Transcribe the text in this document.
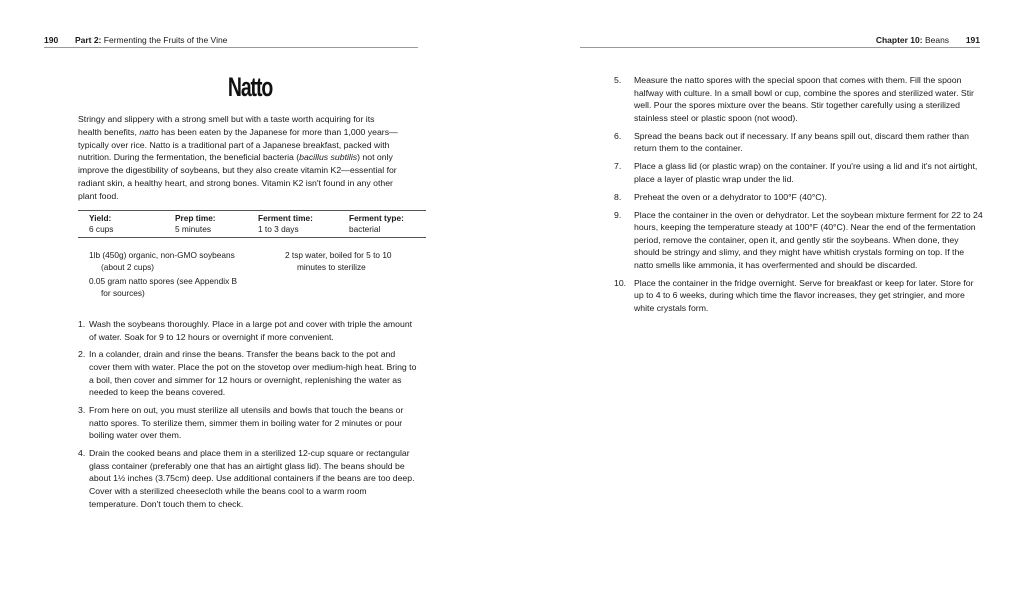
190 Part 2: Fermenting the Fruits of the Vine
Natto
Stringy and slippery with a strong smell but with a taste worth acquiring for its health benefits, natto has been eaten by the Japanese for more than 1,000 years—typically over rice. Natto is a traditional part of a Japanese breakfast, packed with nutrition. During the fermentation, the beneficial bacteria (bacillus subtilis) not only improve the digestibility of soybeans, but they also create vitamin K2—essential for radiant skin, a healthy heart, and strong bones. Vitamin K2 isn't found in any other plant food.
Yield:
6 cups
Prep time:
5 minutes
Ferment time:
1 to 3 days
Ferment type:
bacterial
1lb (450g) organic, non-GMO soybeans (about 2 cups)
0.05 gram natto spores (see Appendix B for sources)
2 tsp water, boiled for 5 to 10 minutes to sterilize
1. Wash the soybeans thoroughly. Place in a large pot and cover with triple the amount of water. Soak for 9 to 12 hours or overnight if more convenient.
2. In a colander, drain and rinse the beans. Transfer the beans back to the pot and cover them with water. Place the pot on the stovetop over medium-high heat. Bring to a boil, then cover and simmer for 12 hours or overnight, replenishing the water as needed to keep the beans covered.
3. From here on out, you must sterilize all utensils and bowls that touch the beans or natto spores. To sterilize them, simmer them in boiling water for 2 minutes or pour boiling water over them.
4. Drain the cooked beans and place them in a sterilized 12-cup square or rectangular glass container (preferably one that has an airtight glass lid). The beans should be about 1½ inches (3.75cm) deep. Use additional containers if the beans are too deep. Cover with a sterilized cheesecloth while the beans cool to a warm room temperature. Don't touch them to check.
Chapter 10: Beans 191
5. Measure the natto spores with the special spoon that comes with them. Fill the spoon halfway with culture. In a small bowl or cup, combine the spores and sterilized water. Stir well. Pour the spores mixture over the beans. Stir together carefully using a sterilized stainless steel or plastic spoon (not wood).
6. Spread the beans back out if necessary. If any beans spill out, discard them rather than return them to the container.
7. Place a glass lid (or plastic wrap) on the container. If you're using a lid and it's not airtight, place a layer of plastic wrap under the lid.
8. Preheat the oven or a dehydrator to 100°F (40°C).
9. Place the container in the oven or dehydrator. Let the soybean mixture ferment for 22 to 24 hours, keeping the temperature steady at 100°F (40°C). Near the end of the fermentation period, remove the container, open it, and gently stir the soybeans. When done, they should be stringy and slimy, and they might have whitish crystals forming on top. If the natto smells like ammonia, it has overfermented and should be discarded.
10. Place the container in the fridge overnight. Serve for breakfast or keep for later. Store for up to 4 to 6 weeks, during which time the flavor increases, they get stringier, and more white crystals form.
